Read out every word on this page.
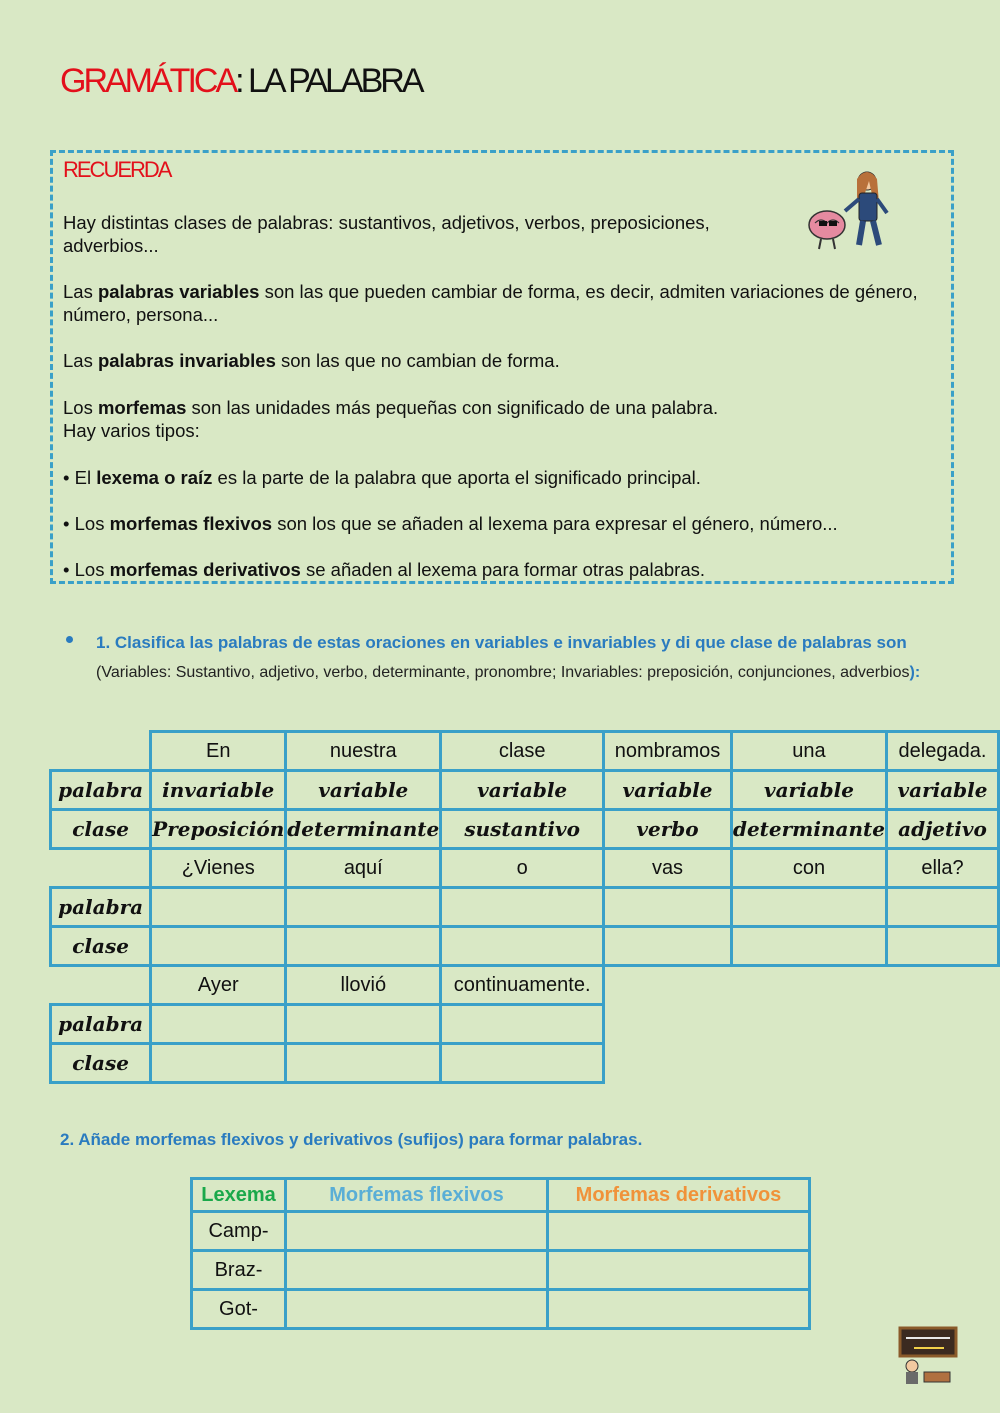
GRAMÁTICA: LA PALABRA
RECUERDA
Hay distintas clases de palabras: sustantivos, adjetivos, verbos, preposiciones, adverbios...
Las palabras variables son las que pueden cambiar de forma, es decir, admiten variaciones de género, número, persona...
Las palabras invariables son las que no cambian de forma.
Los morfemas son las unidades más pequeñas con significado de una palabra.
Hay varios tipos:
• El lexema o raíz es la parte de la palabra que aporta el significado principal.
• Los morfemas flexivos son los que se añaden al lexema para expresar el género, número...
• Los morfemas derivativos se añaden al lexema para formar otras palabras.
1. Clasifica las palabras de estas oraciones en variables e invariables y di que clase de palabras son
(Variables: Sustantivo, adjetivo, verbo, determinante, pronombre; Invariables: preposición, conjunciones, adverbios):
	En	nuestra	clase	nombramos	una	delegada.
palabra	invariable	variable	variable	variable	variable	variable
clase	Preposición	determinante	sustantivo	verbo	determinante	adjetivo
	¿Vienes	aquí	o	vas	con	ella?
palabra						
clase						
	Ayer	llovió	continuamente.			
palabra						
clase						
2. Añade morfemas flexivos y derivativos (sufijos) para formar palabras.
Lexema	Morfemas flexivos	Morfemas derivativos
Camp-		
Braz-		
Got-		
